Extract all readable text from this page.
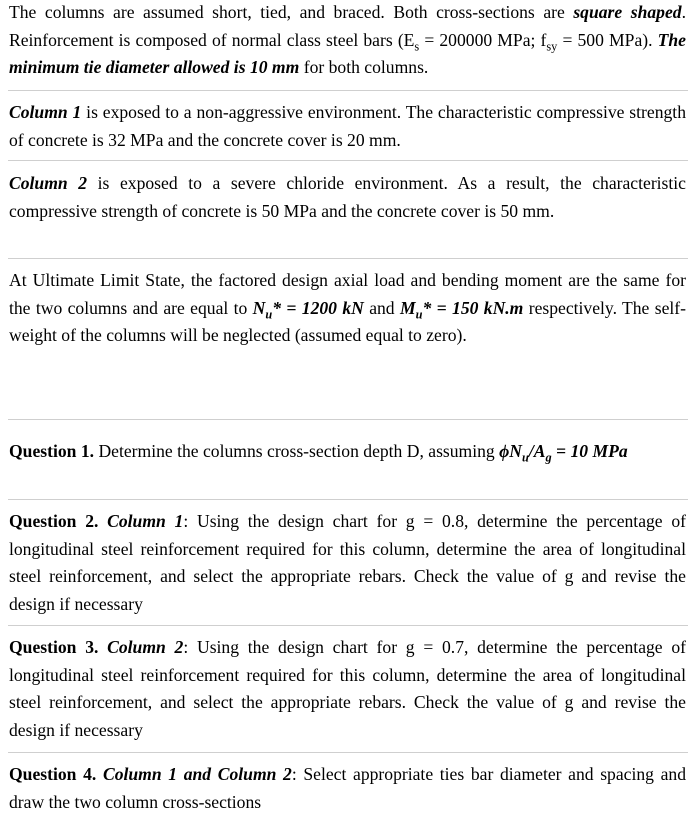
The columns are assumed short, tied, and braced. Both cross-sections are square shaped. Reinforcement is composed of normal class steel bars ($E_s = 200000$ MPa; $f_{sy} = 500$ MPa). The minimum tie diameter allowed is 10 mm for both columns.

Column 1 is exposed to a non-aggressive environment. The characteristic compressive strength of concrete is 32 MPa and the concrete cover is 20 mm.

Column 2 is exposed to a severe chloride environment. As a result, the characteristic compressive strength of concrete is 50 MPa and the concrete cover is 50 mm.

At Ultimate Limit State, the factored design axial load and bending moment are the same for the two columns and are equal to $N_u* = 1200$ kN and $M_u* = 150$ kN.m respectively. The self-weight of the columns will be neglected (assumed equal to zero).

Question 1. Determine the columns cross-section depth D, assuming $\phi N_u/A_g = 10$ MPa

Question 2. Column 1: Using the design chart for g = 0.8, determine the percentage of longitudinal steel reinforcement required for this column, determine the area of longitudinal steel reinforcement, and select the appropriate rebars. Check the value of g and revise the design if necessary

Question 3. Column 2: Using the design chart for g = 0.7, determine the percentage of longitudinal steel reinforcement required for this column, determine the area of longitudinal steel reinforcement, and select the appropriate rebars. Check the value of g and revise the design if necessary

Question 4. Column 1 and Column 2: Select appropriate ties bar diameter and spacing and draw the two column cross-sections
